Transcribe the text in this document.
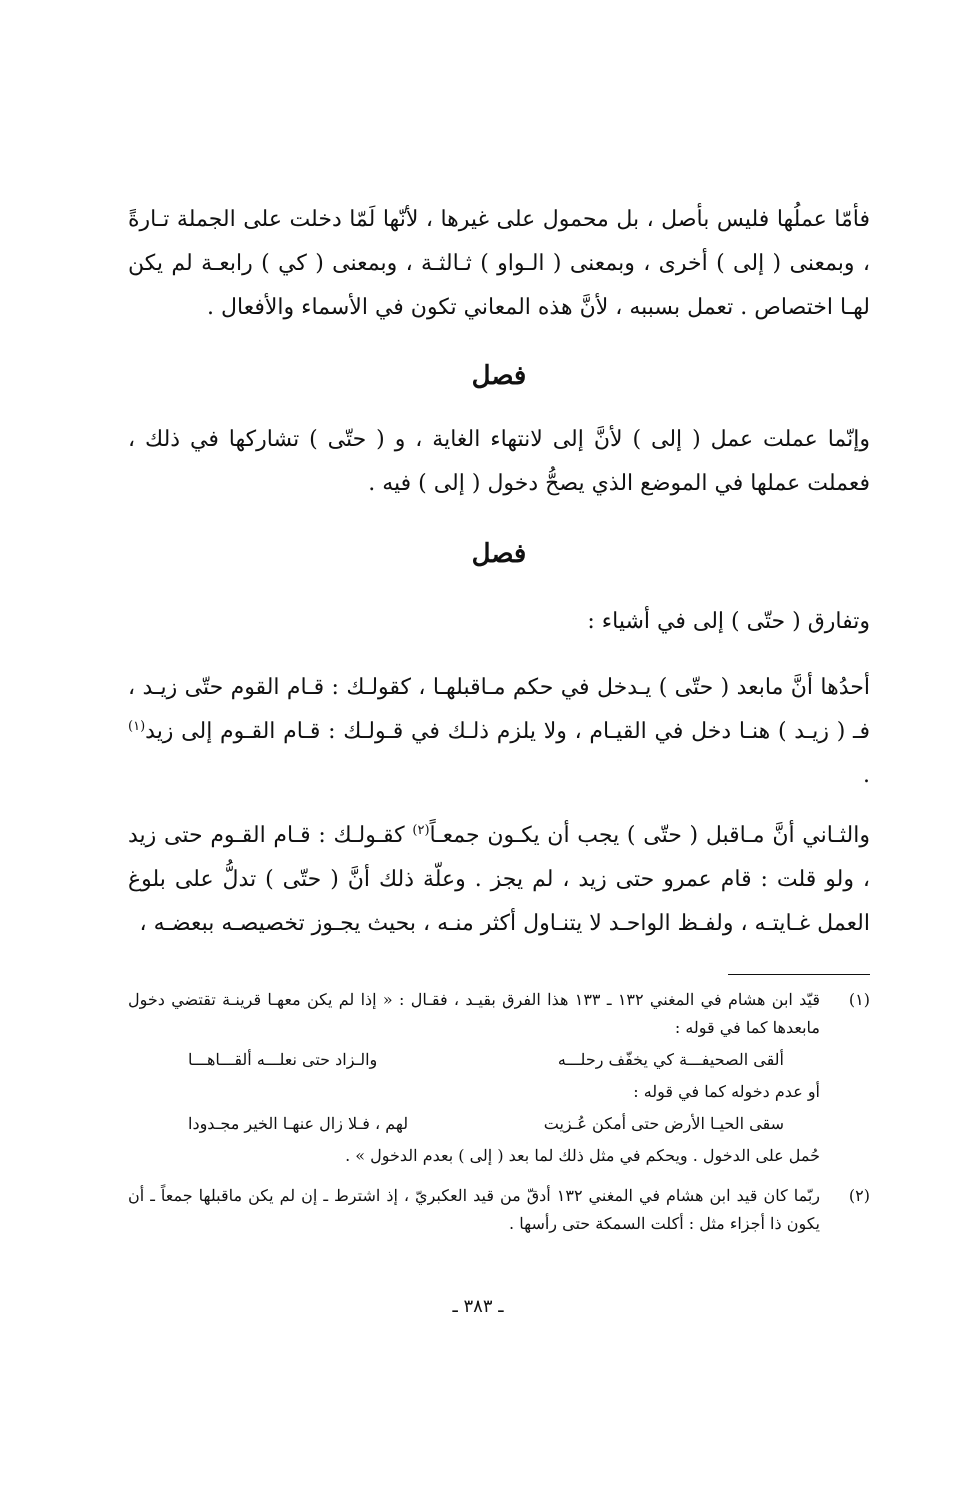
فأمّا عملُها فليس بأصل ، بل محمول على غيرها ، لأنّها لَمّا دخلت على الجملة تـارةً ، وبمعنى ( إلى ) أخرى ، وبمعنى ( الـواو ) ثـالثـة ، وبمعنى ( كي ) رابعـة لم يكن لهـا اختصاص . تعمل بسببه ، لأنَّ هذه المعاني تكون في الأسماء والأفعال .

فصل

وإنّما عملت عمل ( إلى ) لأنَّ إلى لانتهاء الغاية ، و ( حتّى ) تشاركها في ذلك ، فعملت عملها في الموضع الذي يصحُّ دخول ( إلى ) فيه .

فصل

وتفارق ( حتّى ) إلى في أشياء :

أحدُها أنَّ مابعد ( حتّى ) يـدخل في حكم مـاقبلهـا ، كقولـك : قـام القوم حتّى زيـد ، فـ ( زيـد ) هنـا دخل في القيـام ، ولا يلزم ذلـك في قـولـك : قـام القـوم إلى زيد$^{(١)}$ .

والثـاني أنَّ مـاقبل ( حتّى ) يجب أن يكـون جمعـاً$^{(٢)}$ كقـولـك : قـام القـوم حتى زيد ، ولو قلت : قام عمرو حتى زيد ، لم يجز . وعلّة ذلك أنَّ ( حتّى ) تدلُّ على بلوغ العمل غـايتـه ، ولفـظ الواحـد لا يتنـاول أكثر منـه ، بحيث يجـوز تخصيصـه ببعضـه ،

(١)

قيّد ابن هشام في المغني ١٣٢ ـ ١٣٣ هذا الفرق بقيـد ، فقـال : « إذا لم يكن معهـا قرينـة تقتضي دخول مابعدها كما في قوله :

ألقى الصحيفـــة كي يخفّف رحلـــه
والـزاد حتى نعلـــه ألقـــاهـــا

أو عدم دخوله كما في قوله :

سقى الحيـا الأرض حتى أمكن عُـزيت
لهم ، فـلا زال عنهـا الخير مجـدودا

حُمل على الدخول . ويحكم في مثل ذلك لما بعد ( إلى ) بعدم الدخول » .

(٢)

ربّما كان قيد ابن هشام في المغني ١٣٢ أدقّ من قيد العكبريّ ، إذ اشترط ـ إن لم يكن ماقبلها جمعاً ـ أن يكون ذا أجزاء مثل : أكلت السمكة حتى رأسها .

ـ ٣٨٣ ـ
